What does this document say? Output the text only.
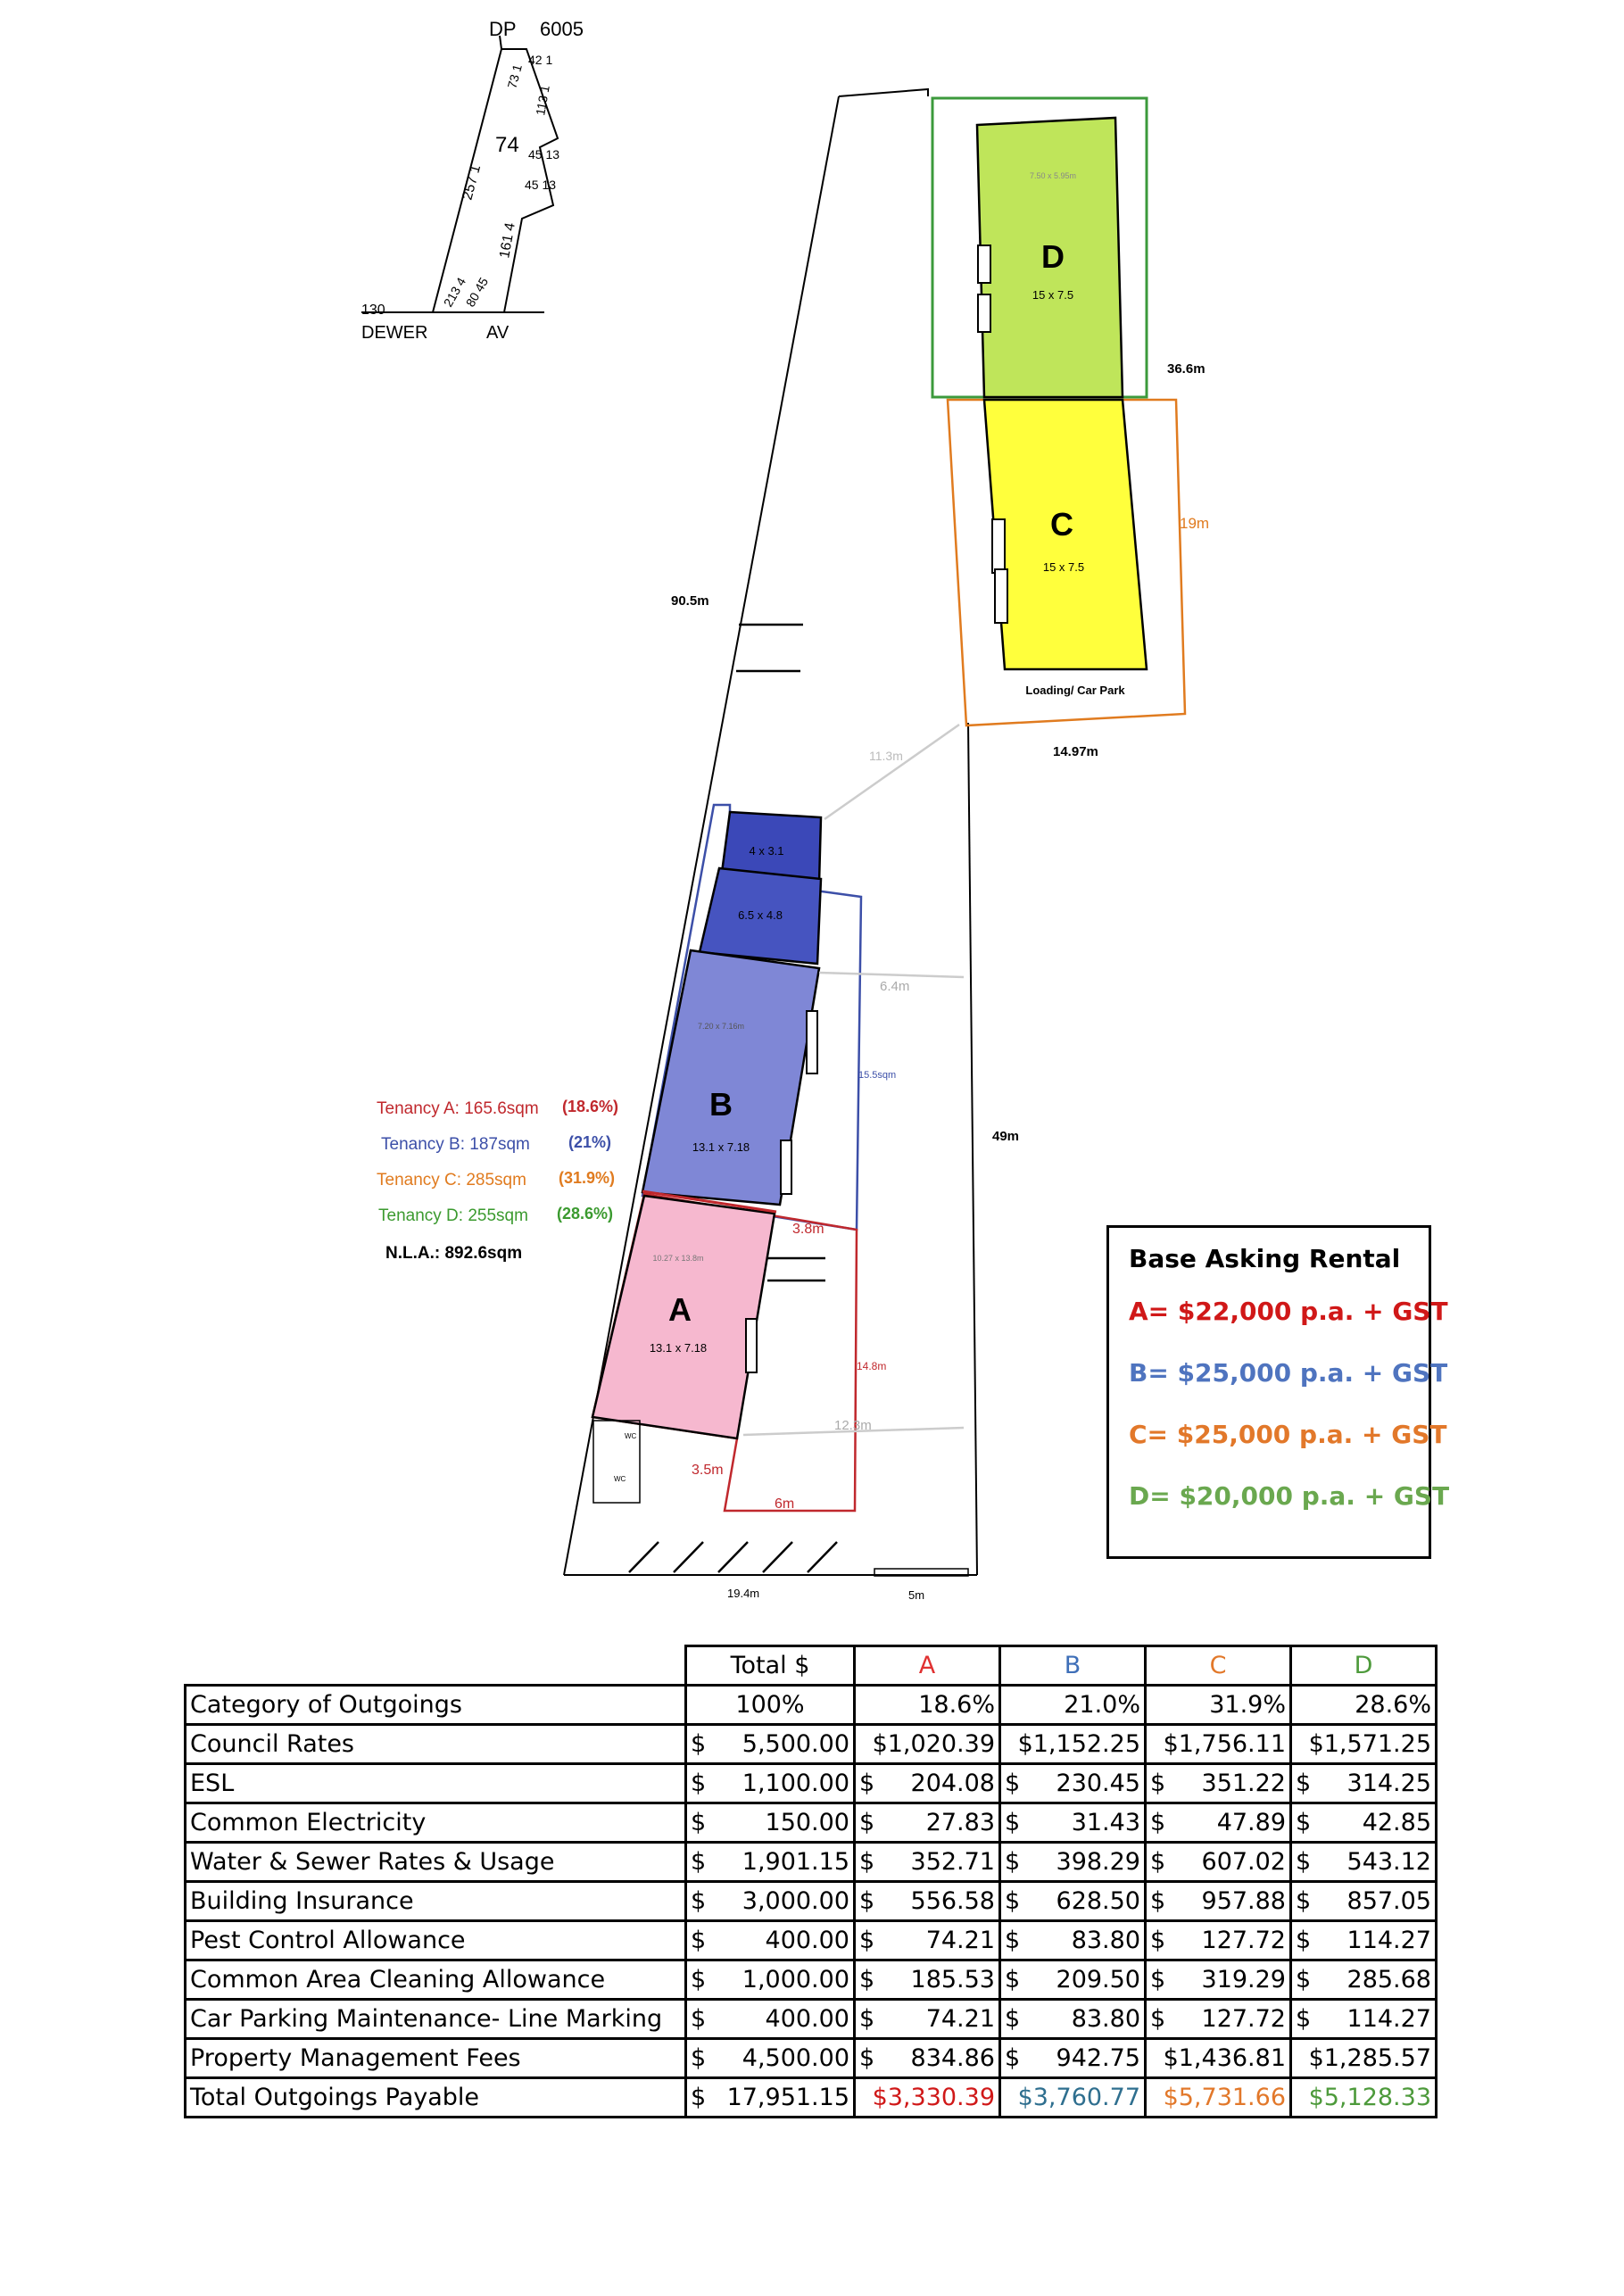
DP 6005
74
DEWER	AV
130
42 1
113 1
73 1
45 13
45 13
257 1
161 4
213 4
80 45
D
15 x 7.5
7.50 x 5.95m
C
15 x 7.5
Loading/ Car Park
4 x 3.1
6.5 x 4.8
7.20 x 7.16m
B
13.1 x 7.18
10.27 x 13.8m
A
13.1 x 7.18
WC
WC
90.5m
36.6m
19m
14.97m
11.3m
6.4m
15.5sqm
49m
3.8m
14.8m
12.3m
3.5m
6m
19.4m	5m
Tenancy A: 165.6sqm (18.6%)
Tenancy B: 187sqm (21%)
Tenancy C: 285sqm (31.9%)
Tenancy D: 255sqm (28.6%)
N.L.A.: 892.6sqm	Base Asking Rental
A= $22,000 p.a. + GST
B= $25,000 p.a. + GST
C= $25,000 p.a. + GST
D= $20,000 p.a. + GST
	Total $	A	B	C	D
Category of Outgoings	100%	18.6%	21.0%	31.9%	28.6%
Council Rates	$ 5,500.00	$1,020.39	$1,152.25	$1,756.11	$1,571.25
ESL	$ 1,100.00	$ 204.08	$ 230.45	$ 351.22	$ 314.25
Common Electricity	$ 150.00	$ 27.83	$ 31.43	$ 47.89	$ 42.85
Water & Sewer Rates & Usage	$ 1,901.15	$ 352.71	$ 398.29	$ 607.02	$ 543.12
Building Insurance	$ 3,000.00	$ 556.58	$ 628.50	$ 957.88	$ 857.05
Pest Control Allowance	$ 400.00	$ 74.21	$ 83.80	$ 127.72	$ 114.27
Common Area Cleaning Allowance	$ 1,000.00	$ 185.53	$ 209.50	$ 319.29	$ 285.68
Car Parking Maintenance- Line Marking	$ 400.00	$ 74.21	$ 83.80	$ 127.72	$ 114.27
Property Management Fees	$ 4,500.00	$ 834.86	$ 942.75	$1,436.81	$1,285.57
Total Outgoings Payable	$ 17,951.15	$3,330.39	$3,760.77	$5,731.66	$5,128.33
